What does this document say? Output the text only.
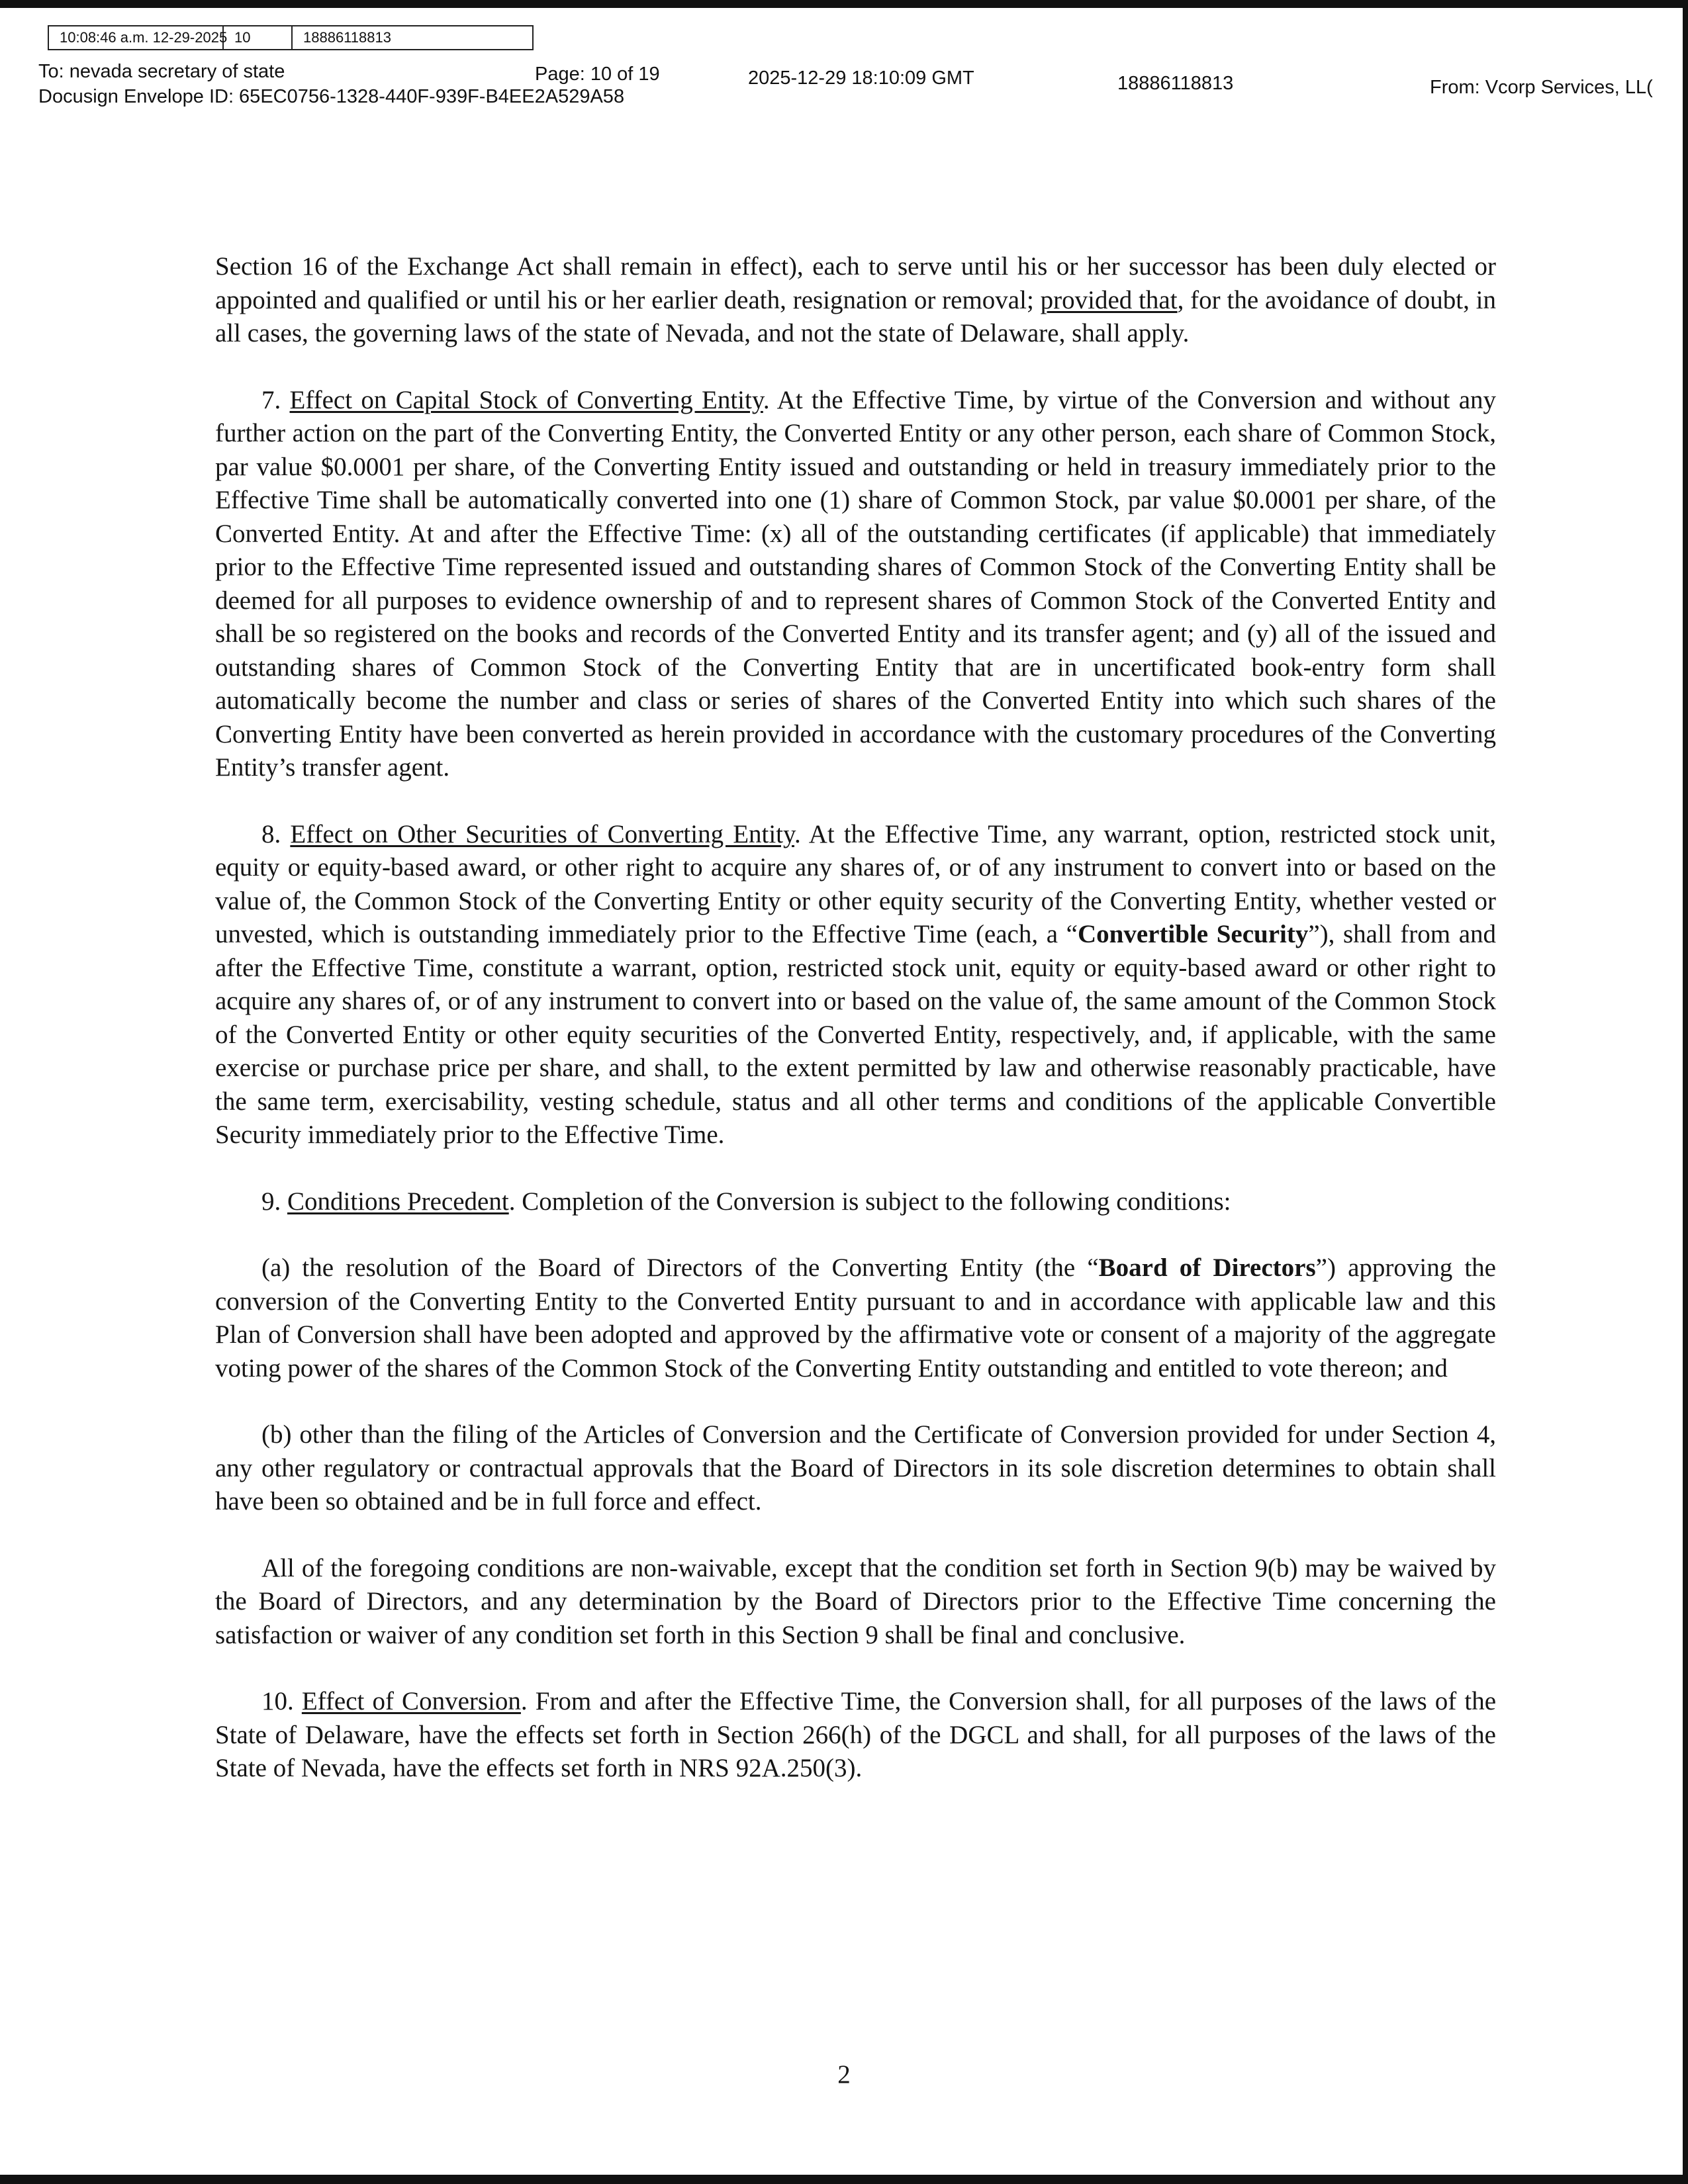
10:08:46 a.m. 12-29-2025 10	18886118813
To: nevada secretary of state	Page: 10 of 19	2025-12-29 18:10:09 GMT	18886118813	From: Vcorp Services, LL(
Docusign Envelope ID: 65EC0756-1328-440F-939F-B4EE2A529A58

Section 16 of the Exchange Act shall remain in effect), each to serve until his or her successor has been duly elected or appointed and qualified or until his or her earlier death, resignation or removal; provided that, for the avoidance of doubt, in all cases, the governing laws of the state of Nevada, and not the state of Delaware, shall apply.

7. Effect on Capital Stock of Converting Entity. At the Effective Time, by virtue of the Conversion and without any further action on the part of the Converting Entity, the Converted Entity or any other person, each share of Common Stock, par value $0.0001 per share, of the Converting Entity issued and outstanding or held in treasury immediately prior to the Effective Time shall be automatically converted into one (1) share of Common Stock, par value $0.0001 per share, of the Converted Entity. At and after the Effective Time: (x) all of the outstanding certificates (if applicable) that immediately prior to the Effective Time represented issued and outstanding shares of Common Stock of the Converting Entity shall be deemed for all purposes to evidence ownership of and to represent shares of Common Stock of the Converted Entity and shall be so registered on the books and records of the Converted Entity and its transfer agent; and (y) all of the issued and outstanding shares of Common Stock of the Converting Entity that are in uncertificated book-entry form shall automatically become the number and class or series of shares of the Converted Entity into which such shares of the Converting Entity have been converted as herein provided in accordance with the customary procedures of the Converting Entity’s transfer agent.

8. Effect on Other Securities of Converting Entity. At the Effective Time, any warrant, option, restricted stock unit, equity or equity-based award, or other right to acquire any shares of, or of any instrument to convert into or based on the value of, the Common Stock of the Converting Entity or other equity security of the Converting Entity, whether vested or unvested, which is outstanding immediately prior to the Effective Time (each, a “Convertible Security”), shall from and after the Effective Time, constitute a warrant, option, restricted stock unit, equity or equity-based award or other right to acquire any shares of, or of any instrument to convert into or based on the value of, the same amount of the Common Stock of the Converted Entity or other equity securities of the Converted Entity, respectively, and, if applicable, with the same exercise or purchase price per share, and shall, to the extent permitted by law and otherwise reasonably practicable, have the same term, exercisability, vesting schedule, status and all other terms and conditions of the applicable Convertible Security immediately prior to the Effective Time.

9. Conditions Precedent. Completion of the Conversion is subject to the following conditions:

(a) the resolution of the Board of Directors of the Converting Entity (the “Board of Directors”) approving the conversion of the Converting Entity to the Converted Entity pursuant to and in accordance with applicable law and this Plan of Conversion shall have been adopted and approved by the affirmative vote or consent of a majority of the aggregate voting power of the shares of the Common Stock of the Converting Entity outstanding and entitled to vote thereon; and

(b) other than the filing of the Articles of Conversion and the Certificate of Conversion provided for under Section 4, any other regulatory or contractual approvals that the Board of Directors in its sole discretion determines to obtain shall have been so obtained and be in full force and effect.

All of the foregoing conditions are non-waivable, except that the condition set forth in Section 9(b) may be waived by the Board of Directors, and any determination by the Board of Directors prior to the Effective Time concerning the satisfaction or waiver of any condition set forth in this Section 9 shall be final and conclusive.

10. Effect of Conversion. From and after the Effective Time, the Conversion shall, for all purposes of the laws of the State of Delaware, have the effects set forth in Section 266(h) of the DGCL and shall, for all purposes of the laws of the State of Nevada, have the effects set forth in NRS 92A.250(3).

2
